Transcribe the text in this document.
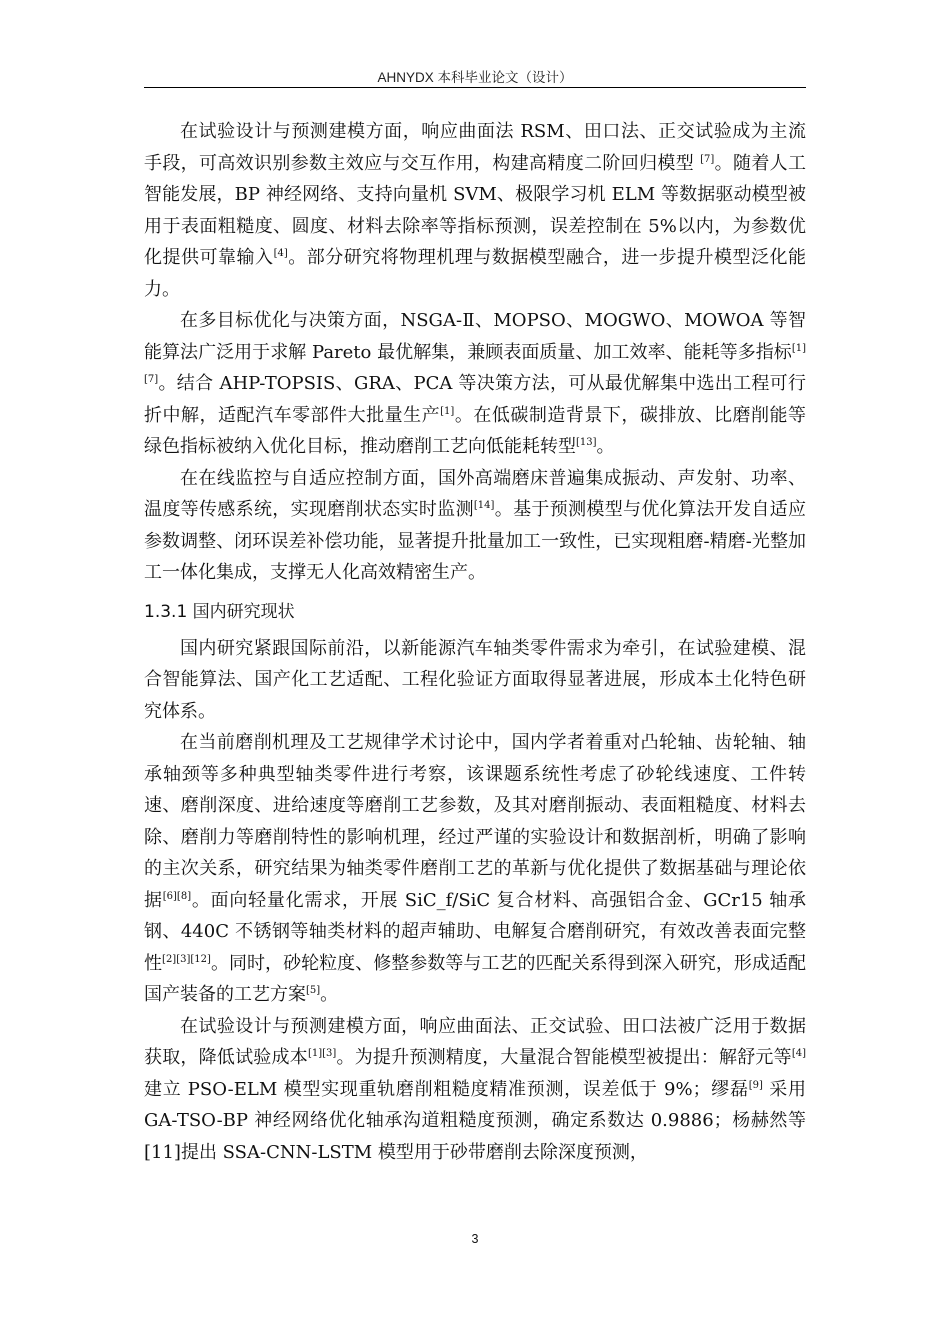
AHNYDX 本科毕业论文（设计）

在试验设计与预测建模方面，响应曲面法 RSM、田口法、正交试验成为主流手段，可高效识别参数主效应与交互作用，构建高精度二阶回归模型 [7]。随着人工智能发展，BP 神经网络、支持向量机 SVM、极限学习机 ELM 等数据驱动模型被用于表面粗糙度、圆度、材料去除率等指标预测，误差控制在 5%以内，为参数优化提供可靠输入[4]。部分研究将物理机理与数据模型融合，进一步提升模型泛化能力。

在多目标优化与决策方面，NSGA-Ⅱ、MOPSO、MOGWO、MOWOA 等智能算法广泛用于求解 Pareto 最优解集，兼顾表面质量、加工效率、能耗等多指标[1][7]。结合 AHP-TOPSIS、GRA、PCA 等决策方法，可从最优解集中选出工程可行折中解，适配汽车零部件大批量生产[1]。在低碳制造背景下，碳排放、比磨削能等绿色指标被纳入优化目标，推动磨削工艺向低能耗转型[13]。

在在线监控与自适应控制方面，国外高端磨床普遍集成振动、声发射、功率、温度等传感系统，实现磨削状态实时监测[14]。基于预测模型与优化算法开发自适应参数调整、闭环误差补偿功能，显著提升批量加工一致性，已实现粗磨-精磨-光整加工一体化集成，支撑无人化高效精密生产。

1.3.1 国内研究现状

国内研究紧跟国际前沿，以新能源汽车轴类零件需求为牵引，在试验建模、混合智能算法、国产化工艺适配、工程化验证方面取得显著进展，形成本土化特色研究体系。

在当前磨削机理及工艺规律学术讨论中，国内学者着重对凸轮轴、齿轮轴、轴承轴颈等多种典型轴类零件进行考察，该课题系统性考虑了砂轮线速度、工件转速、磨削深度、进给速度等磨削工艺参数，及其对磨削振动、表面粗糙度、材料去除、磨削力等磨削特性的影响机理，经过严谨的实验设计和数据剖析，明确了影响的主次关系，研究结果为轴类零件磨削工艺的革新与优化提供了数据基础与理论依据[6][8]。面向轻量化需求，开展 SiC_f/SiC 复合材料、高强铝合金、GCr15 轴承钢、440C 不锈钢等轴类材料的超声辅助、电解复合磨削研究，有效改善表面完整性[2][3][12]。同时，砂轮粒度、修整参数等与工艺的匹配关系得到深入研究，形成适配国产装备的工艺方案[5]。

在试验设计与预测建模方面，响应曲面法、正交试验、田口法被广泛用于数据获取，降低试验成本[1][3]。为提升预测精度，大量混合智能模型被提出：解舒元等[4]建立 PSO-ELM 模型实现重轨磨削粗糙度精准预测，误差低于 9%；缪磊[9] 采用 GA-TSO-BP 神经网络优化轴承沟道粗糙度预测，确定系数达 0.9886；杨赫然等[11]提出 SSA-CNN-LSTM 模型用于砂带磨削去除深度预测，

3
